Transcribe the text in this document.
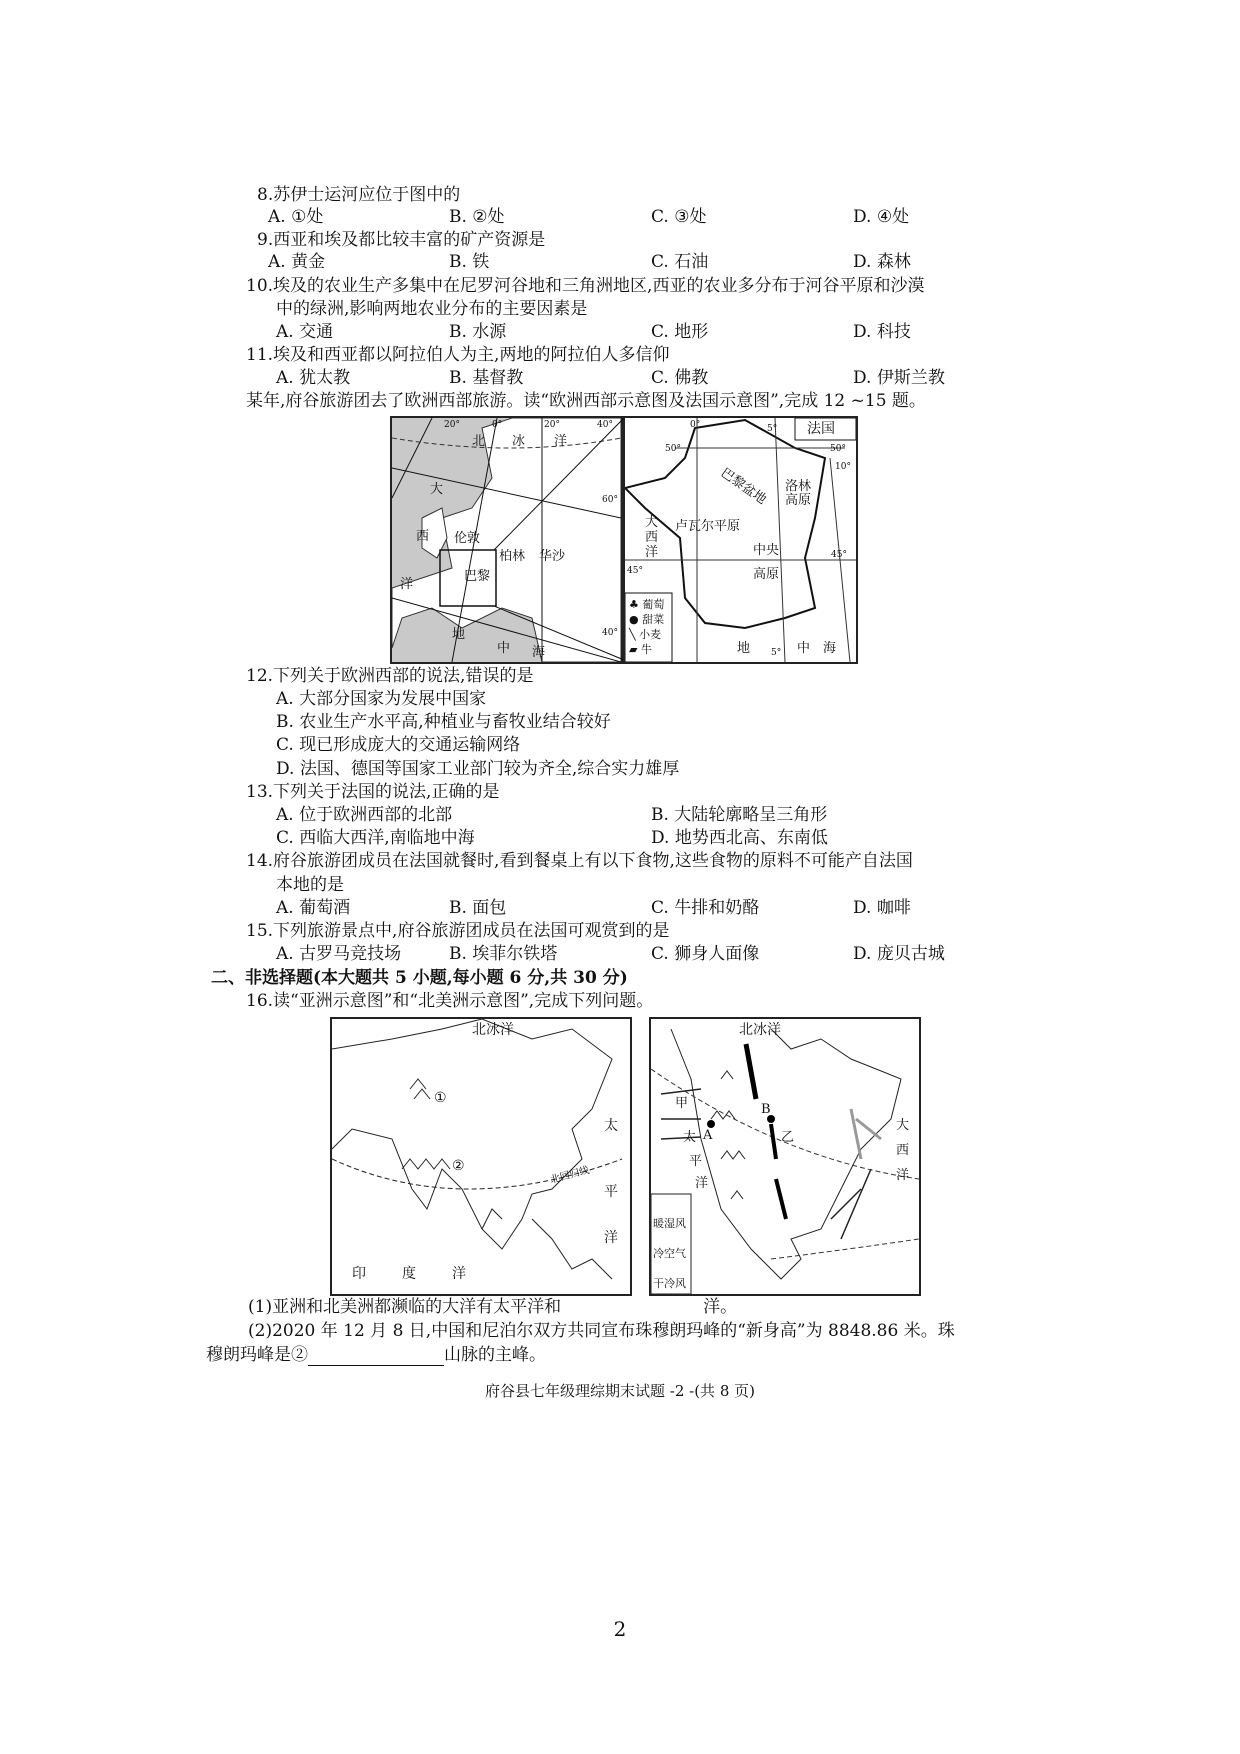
8.苏伊士运河应位于图中的
A. ①处	B. ②处	C. ③处	D. ④处
9.西亚和埃及都比较丰富的矿产资源是
A. 黄金	B. 铁	C. 石油	D. 森林
10.埃及的农业生产多集中在尼罗河谷地和三角洲地区,西亚的农业多分布于河谷平原和沙漠
中的绿洲,影响两地农业分布的主要因素是
A. 交通	B. 水源	C. 地形	D. 科技
11.埃及和西亚都以阿拉伯人为主,两地的阿拉伯人多信仰
A. 犹太教	B. 基督教	C. 佛教	D. 伊斯兰教
某年,府谷旅游团去了欧洲西部旅游。读“欧洲西部示意图及法国示意图”,完成 12 ~15 题。
北 冰 洋
大
西 伦敦
柏林 华沙
巴黎
地
中 海
洋
20°	0°	20°	40°
60°
40°
法国
巴黎盆地 洛林高原
卢瓦尔平原
中央
高原
大
西
洋
地	中 海
0°	5°
10°
50°	50°
45°
45°
5°
♣ 葡萄
● 甜菜
╲ 小麦
▰ 牛
12.下列关于欧洲西部的说法,错误的是
A. 大部分国家为发展中国家
B. 农业生产水平高,种植业与畜牧业结合较好
C. 现已形成庞大的交通运输网络
D. 法国、德国等国家工业部门较为齐全,综合实力雄厚
13.下列关于法国的说法,正确的是
A. 位于欧洲西部的北部	B. 大陆轮廓略呈三角形
C. 西临大西洋,南临地中海	D. 地势西北高、东南低
14.府谷旅游团成员在法国就餐时,看到餐桌上有以下食物,这些食物的原料不可能产自法国
本地的是
A. 葡萄酒	B. 面包	C. 牛排和奶酪	D. 咖啡
15.下列旅游景点中,府谷旅游团成员在法国可观赏到的是
A. 古罗马竞技场	B. 埃菲尔铁塔	C. 狮身人面像	D. 庞贝古城
二、非选择题(本大题共 5 小题,每小题 6 分,共 30 分)
16.读“亚洲示意图”和“北美洲示意图”,完成下列问题。
北冰洋
①
②	北回归线
太
平
洋
印	度	洋
北冰洋
甲
A
B
乙
太
平
洋
大
西
洋
暖湿风
冷空气
干冷风
(1)亚洲和北美洲都濒临的大洋有太平洋和	洋。
(2)2020 年 12 月 8 日,中国和尼泊尔双方共同宣布珠穆朗玛峰的“新身高”为 8848.86 米。珠
穆朗玛峰是②	山脉的主峰。
府谷县七年级理综期末试题 -2 -(共 8 页)
2
